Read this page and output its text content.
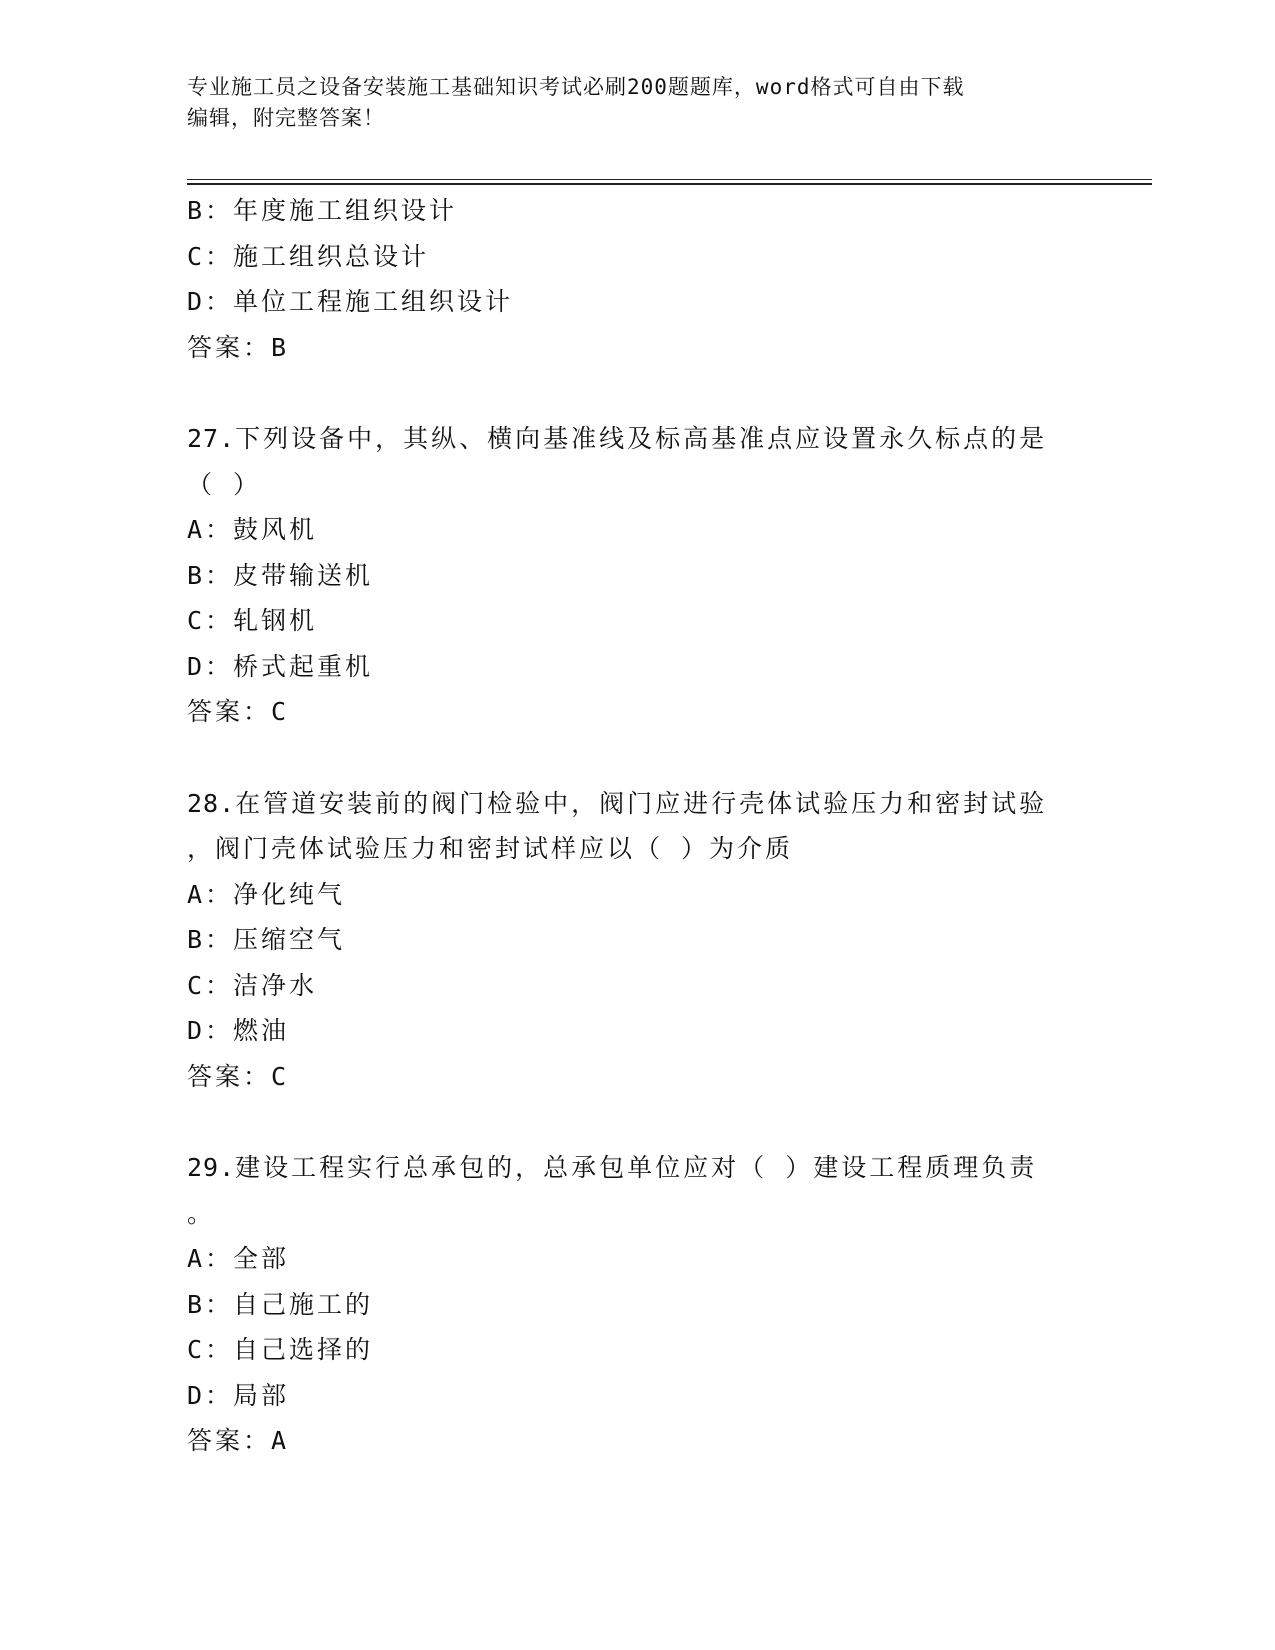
专业施工员之设备安装施工基础知识考试必刷200题题库，word格式可自由下载
编辑，附完整答案！
B：年度施工组织设计
C：施工组织总设计
D：单位工程施工组织设计
答案：B
27.下列设备中，其纵、横向基准线及标高基准点应设置永久标点的是
（ ）
A：鼓风机
B：皮带输送机
C：轧钢机
D：桥式起重机
答案：C
28.在管道安装前的阀门检验中，阀门应进行壳体试验压力和密封试验
，阀门壳体试验压力和密封试样应以（ ）为介质
A：净化纯气
B：压缩空气
C：洁净水
D：燃油
答案：C
29.建设工程实行总承包的，总承包单位应对（ ）建设工程质理负责
。
A：全部
B：自己施工的
C：自己选择的
D：局部
答案：A
